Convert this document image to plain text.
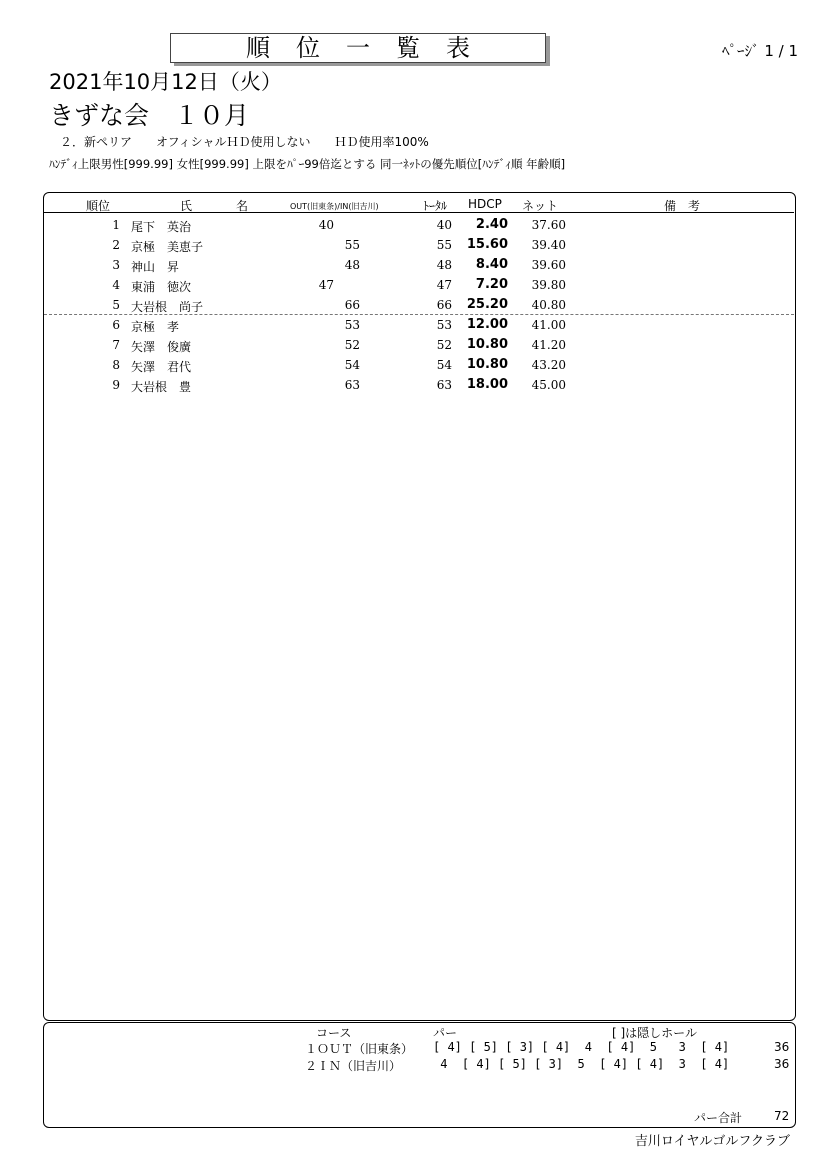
順位一覧表	ﾍﾟｰｼﾞ 1 / 1
2021年10月12日（火）
きずな会　１０月
２．新ペリア　　オフィシャルＨＤ使用しない　　ＨＤ使用率100%
ﾊﾝﾃﾞｨ上限男性[999.99] 女性[999.99] 上限をﾊﾟｰ99倍迄とする 同一ﾈｯﾄの優先順位[ﾊﾝﾃﾞｨ順 年齢順]
順位	氏	名	OUT(旧東条)/IN(旧吉川)	ﾄｰﾀﾙ HDCP ネット	備　考
1 尾下　英治	40	40	2.40	37.60
2 京極　美恵子	55	55	15.60	39.40
3 神山　昇	48	48	8.40	39.60
4 東浦　徳次	47	47	7.20	39.80
5 大岩根　尚子	66	66	25.20	40.80
6 京極　孝	53	53	12.00	41.00
7 矢澤　俊廣	52	52	10.80	41.20
8 矢澤　君代	54	54	10.80	43.20
9 大岩根　豊	63	63	18.00	45.00
コース	パー	[ ]は隠しホール
１ＯＵＴ（旧東条） [ 4] [ 5] [ 3] [ 4]  4  [ 4]  5   3  [ 4]	36
２ＩＮ（旧吉川）	4  [ 4] [ 5] [ 3]  5  [ 4] [ 4]  3  [ 4]	36
パー合計	72
吉川ロイヤルゴルフクラブ
